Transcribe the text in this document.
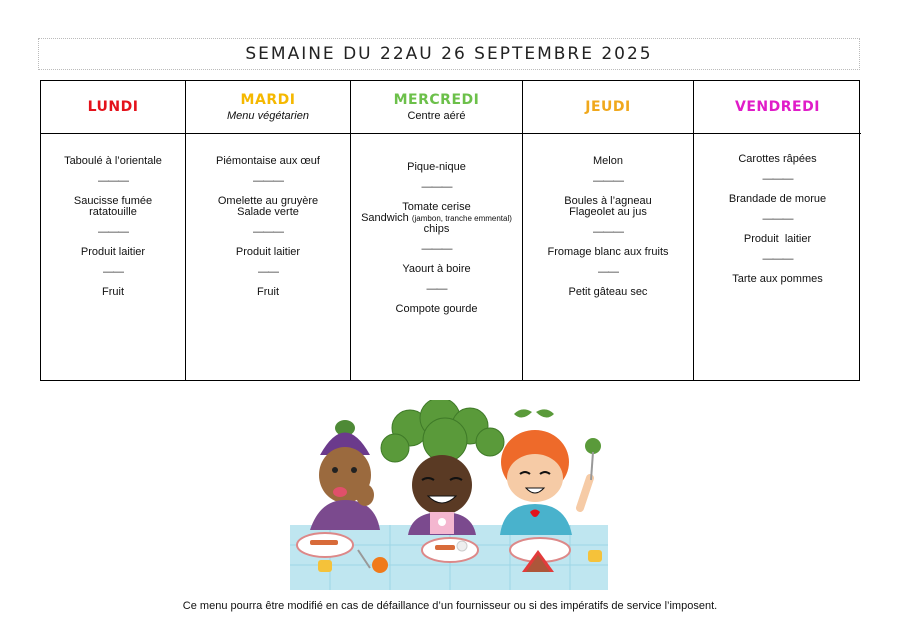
SEMAINE DU 22AU 26 SEPTEMBRE 2025
LUNDI	MARDI
Menu végétarien
MERCREDI
Centre aéré
JEUDI	VENDREDI
Taboulé à l’orientale
———
Saucisse fumée
ratatouille
———
Produit laitier
——
Fruit
Piémontaise aux œuf
———
Omelette au gruyère
Salade verte
———
Produit laitier
——
Fruit
Pique-nique
———
Tomate cerise
Sandwich (jambon, tranche emmental)
chips
———
Yaourt à boire
——
Compote gourde
Melon
———
Boules à l’agneau
Flageolet au jus
———
Fromage blanc aux fruits
——
Petit gâteau sec
Carottes râpées
———
Brandade de morue
———
Produit  laitier
———
Tarte aux pommes
Ce menu pourra être modifié en cas de défaillance d’un fournisseur ou si des impératifs de service l’imposent.
